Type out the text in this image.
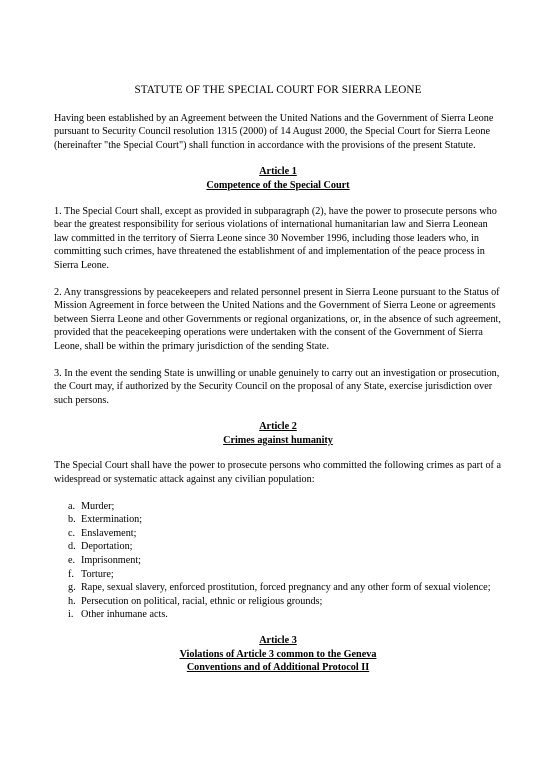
STATUTE OF THE SPECIAL COURT FOR SIERRA LEONE

Having been established by an Agreement between the United Nations and the Government of Sierra Leone pursuant to Security Council resolution 1315 (2000) of 14 August 2000, the Special Court for Sierra Leone (hereinafter "the Special Court") shall function in accordance with the provisions of the present Statute.

Article 1
Competence of the Special Court

1. The Special Court shall, except as provided in subparagraph (2), have the power to prosecute persons who bear the greatest responsibility for serious violations of international humanitarian law and Sierra Leonean law committed in the territory of Sierra Leone since 30 November 1996, including those leaders who, in committing such crimes, have threatened the establishment of and implementation of the peace process in Sierra Leone.

2. Any transgressions by peacekeepers and related personnel present in Sierra Leone pursuant to the Status of Mission Agreement in force between the United Nations and the Government of Sierra Leone or agreements between Sierra Leone and other Governments or regional organizations, or, in the absence of such agreement, provided that the peacekeeping operations were undertaken with the consent of the Government of Sierra Leone, shall be within the primary jurisdiction of the sending State.

3. In the event the sending State is unwilling or unable genuinely to carry out an investigation or prosecution, the Court may, if authorized by the Security Council on the proposal of any State, exercise jurisdiction over such persons.

Article 2
Crimes against humanity

The Special Court shall have the power to prosecute persons who committed the following crimes as part of a widespread or systematic attack against any civilian population:

a. Murder;
b. Extermination;
c. Enslavement;
d. Deportation;
e. Imprisonment;
f. Torture;
g. Rape, sexual slavery, enforced prostitution, forced pregnancy and any other form of sexual violence;
h. Persecution on political, racial, ethnic or religious grounds;
i. Other inhumane acts.
Article 3
Violations of Article 3 common to the Geneva
Conventions and of Additional Protocol II
